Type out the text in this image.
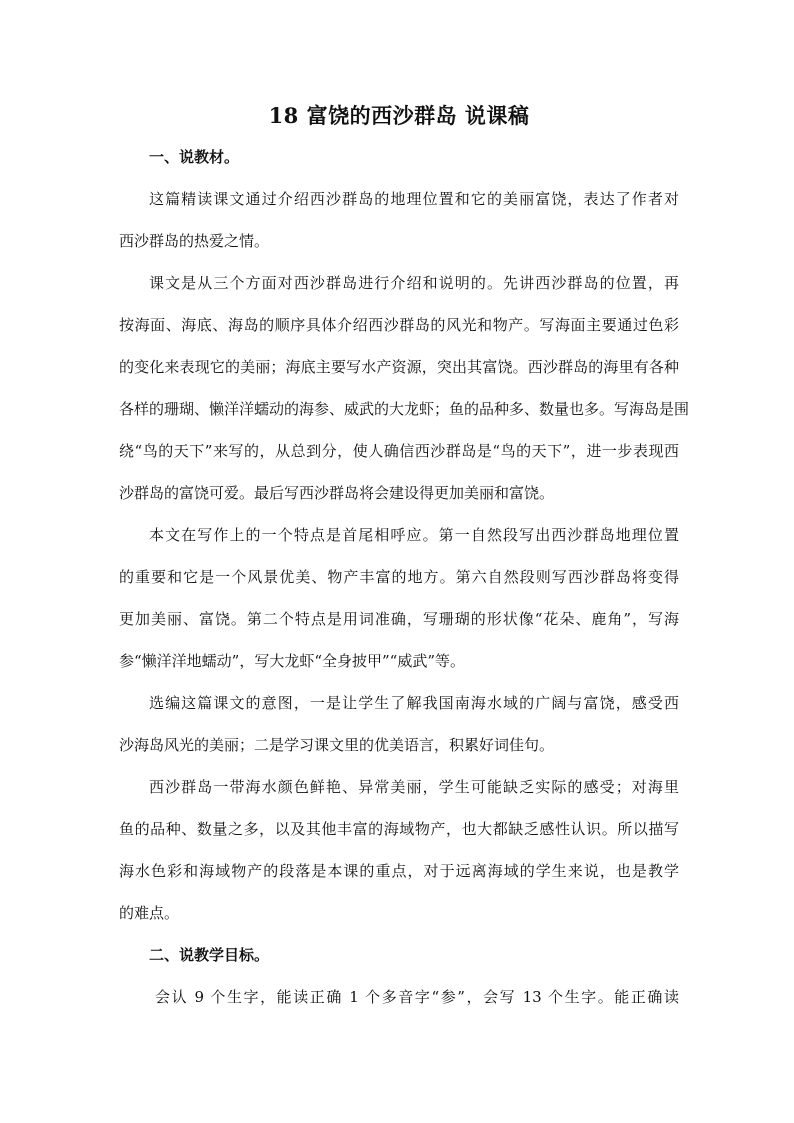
18 富饶的西沙群岛 说课稿
一、说教材。
这篇精读课文通过介绍西沙群岛的地理位置和它的美丽富饶，表达了作者对
西沙群岛的热爱之情。
课文是从三个方面对西沙群岛进行介绍和说明的。先讲西沙群岛的位置，再
按海面、海底、海岛的顺序具体介绍西沙群岛的风光和物产。写海面主要通过色彩
的变化来表现它的美丽；海底主要写水产资源，突出其富饶。西沙群岛的海里有各种
各样的珊瑚、懒洋洋蠕动的海参、威武的大龙虾；鱼的品种多、数量也多。写海岛是围
绕“鸟的天下”来写的，从总到分，使人确信西沙群岛是“鸟的天下”，进一步表现西
沙群岛的富饶可爱。最后写西沙群岛将会建设得更加美丽和富饶。
本文在写作上的一个特点是首尾相呼应。第一自然段写出西沙群岛地理位置
的重要和它是一个风景优美、物产丰富的地方。第六自然段则写西沙群岛将变得
更加美丽、富饶。第二个特点是用词准确，写珊瑚的形状像“花朵、鹿角”，写海
参“懒洋洋地蠕动”，写大龙虾“全身披甲”“威武”等。
选编这篇课文的意图，一是让学生了解我国南海水域的广阔与富饶，感受西
沙海岛风光的美丽；二是学习课文里的优美语言，积累好词佳句。
西沙群岛一带海水颜色鲜艳、异常美丽，学生可能缺乏实际的感受；对海里
鱼的品种、数量之多，以及其他丰富的海域物产，也大都缺乏感性认识。所以描写
海水色彩和海域物产的段落是本课的重点，对于远离海域的学生来说，也是教学
的难点。
二、说教学目标。
会认 9 个生字，能读正确 1 个多音字“参”，会写 13 个生字。能正确读
